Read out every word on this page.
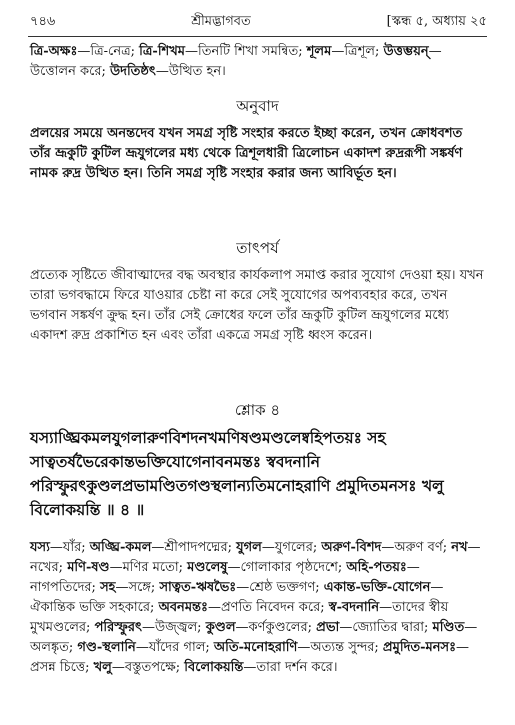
৭৪৬	শ্রীমদ্ভাগবত	[স্কন্ধ ৫, অধ্যায় ২৫
ত্রি-অক্ষঃ—ত্রি-নেত্র; ত্রি-শিখম—তিনটি শিখা সমন্বিত; শূলম—ত্রিশূল; উত্তম্ভয়ন্—উত্তোলন করে; উদতিষ্ঠৎ—উত্থিত হন।
অনুবাদ
প্রলয়ের সময়ে অনন্তদেব যখন সমগ্র সৃষ্টি সংহার করতে ইচ্ছা করেন, তখন ক্রোধবশত তাঁর ভ্রূকুটি কুটিল ভ্রূযুগলের মধ্য থেকে ত্রিশূলধারী ত্রিলোচন একাদশ রুদ্ররূপী সঙ্কর্ষণ নামক রুদ্র উত্থিত হন। তিনি সমগ্র সৃষ্টি সংহার করার জন্য আবির্ভূত হন।
তাৎপর্য
প্রত্যেক সৃষ্টিতে জীবাত্মাদের বদ্ধ অবস্থার কার্যকলাপ সমাপ্ত করার সুযোগ দেওয়া হয়। যখন তারা ভগবদ্ধামে ফিরে যাওয়ার চেষ্টা না করে সেই সুযোগের অপব্যবহার করে, তখন ভগবান সঙ্কর্ষণ ক্রুদ্ধ হন। তাঁর সেই ক্রোধের ফলে তাঁর ভ্রূকুটি কুটিল ভ্রূযুগলের মধ্যে একাদশ রুদ্র প্রকাশিত হন এবং তাঁরা একত্রে সমগ্র সৃষ্টি ধ্বংস করেন।
শ্লোক ৪
যস্যাঙ্ঘ্রিকমলযুগলারুণবিশদনখমণিষণ্ডমণ্ডলেষ্বহিপতয়ঃ সহ সাত্বতর্ষভৈরেকান্তভক্তিযোগেনাবনমন্তঃ স্ববদনানি পরিস্ফুরৎকুণ্ডলপ্রভামণ্ডিতগণ্ডস্থলান্যতিমনোহরাণি প্রমুদিতমনসঃ খলু বিলোকয়ন্তি ॥ ৪ ॥
যস্য—যাঁর; অঙ্ঘ্রি-কমল—শ্রীপাদপদ্মের; যুগল—যুগলের; অরুণ-বিশদ—অরুণ বর্ণ; নখ—নখের; মণি-ষণ্ড—মণির মতো; মণ্ডলেষু—গোলাকার পৃষ্ঠদেশে; অহি-পতয়ঃ—নাগপতিদের; সহ—সঙ্গে; সাত্বত-ঋষভৈঃ—শ্রেষ্ঠ ভক্তগণ; একান্ত-ভক্তি-যোগেন—ঐকান্তিক ভক্তি সহকারে; অবনমন্তঃ—প্রণতি নিবেদন করে; স্ব-বদনানি—তাদের স্বীয় মুখমণ্ডলের; পরিস্ফুরৎ—উজ্জ্বল; কুণ্ডল—কর্ণকুণ্ডলের; প্রভা—জ্যোতির দ্বারা; মণ্ডিত—অলঙ্কৃত; গণ্ড-স্থলানি—যাঁদের গাল; অতি-মনোহরাণি—অত্যন্ত সুন্দর; প্রমুদিত-মনসঃ—প্রসন্ন চিত্তে; খলু—বস্তুতপক্ষে; বিলোকয়ন্তি—তারা দর্শন করে।
